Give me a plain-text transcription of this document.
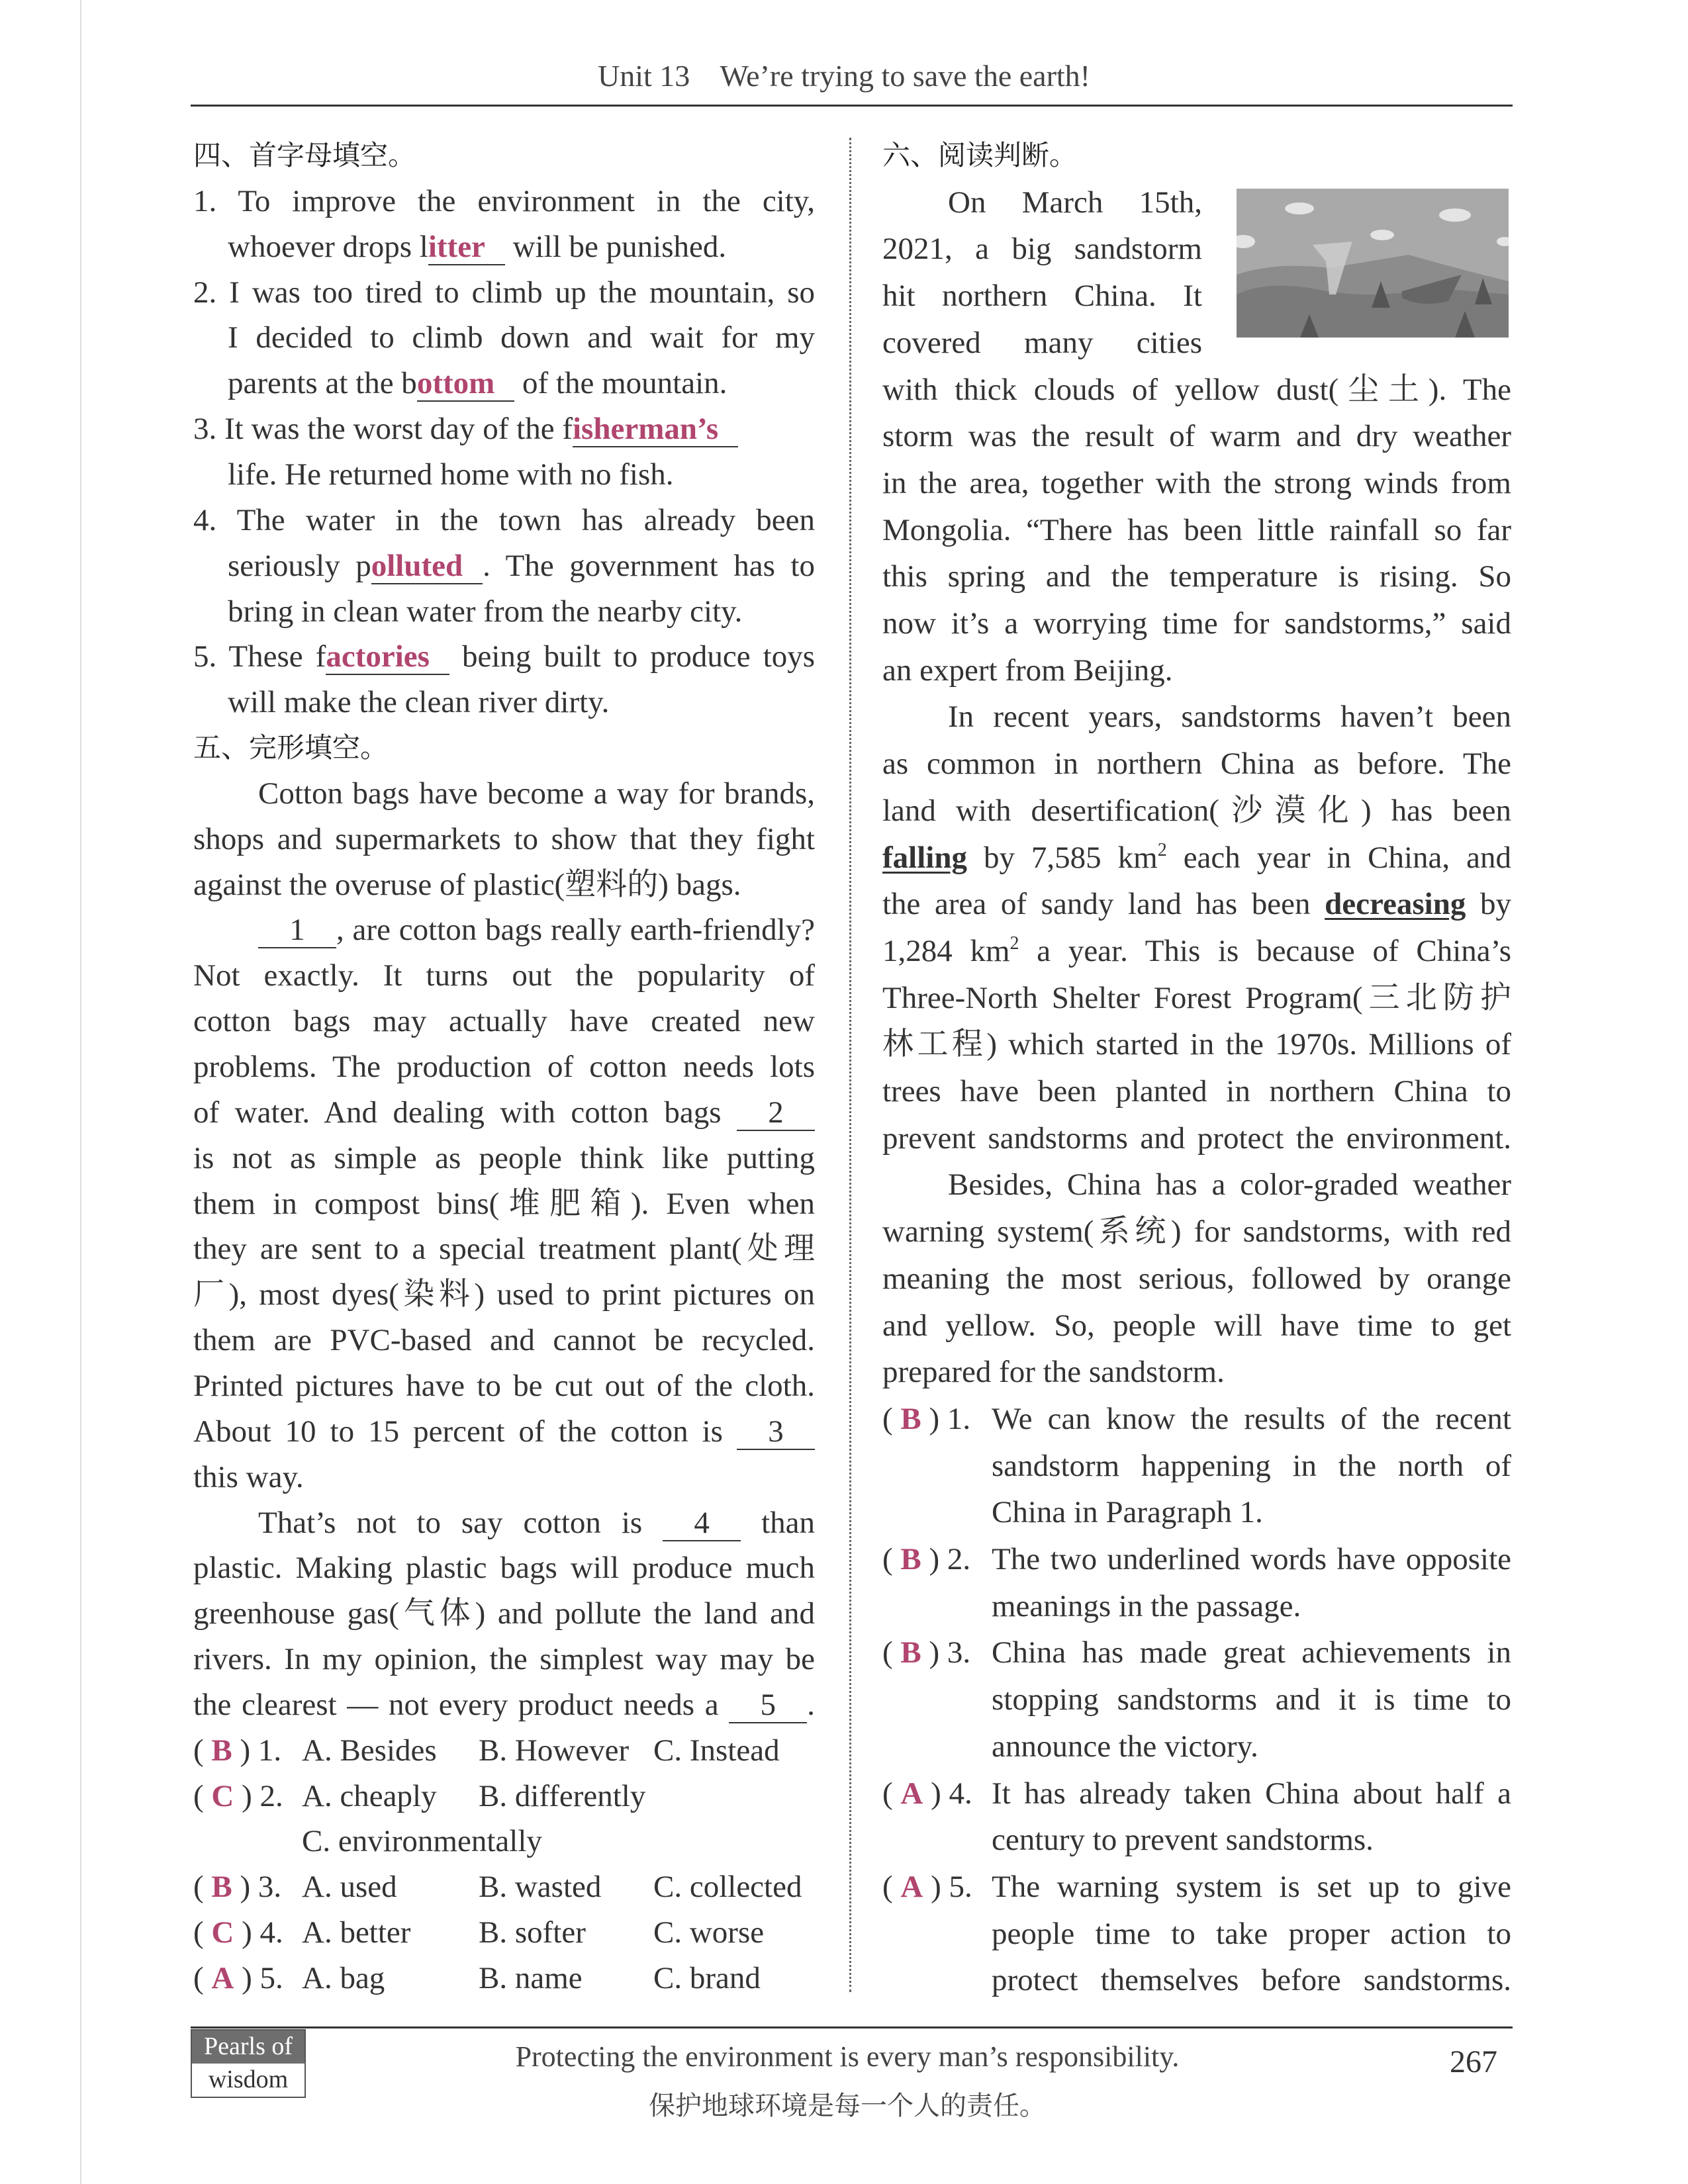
Unit 13    We’re trying to save the earth!
四、首字母填空。
1. To improve the environment in the city,
whoever drops litter will be punished.
2. I was too tired to climb up the mountain, so
I decided to climb down and wait for my
parents at the bottom of the mountain.
3. It was the worst day of the fisherman’s
life. He returned home with no fish.
4. The water in the town has already been
seriously polluted . The government has to
bring in clean water from the nearby city.
5. These factories being built to produce toys
will make the clean river dirty.
五、完形填空。
Cotton bags have become a way for brands,
shops and supermarkets to show that they fight
against the overuse of plastic(塑料的) bags.
1 , are cotton bags really earth-friendly?
Not exactly. It turns out the popularity of
cotton bags may actually have created new
problems. The production of cotton needs lots
of water. And dealing with cotton bags 2
is not as simple as people think like putting
them in compost bins(堆肥箱). Even when
they are sent to a special treatment plant(处理
厂), most dyes(染料) used to print pictures on
them are PVC-based and cannot be recycled.
Printed pictures have to be cut out of the cloth.
About 10 to 15 percent of the cotton is 3
this way.
That’s not to say cotton is 4 than
plastic. Making plastic bags will produce much
greenhouse gas(气体) and pollute the land and
rivers. In my opinion, the simplest way may be
the clearest — not every product needs a 5 .
( B ) 1. A. Besides B. However C. Instead
( C ) 2. A. cheaply B. differently
C. environmentally
( B ) 3. A. used	B. wasted C. collected
( C ) 4. A. better B. softer C. worse
( A ) 5. A. bag	B. name C. brand
六、阅读判断。
On March 15th,
2021, a big sandstorm
hit northern China. It
covered many cities
with thick clouds of yellow dust(尘土). The
storm was the result of warm and dry weather
in the area, together with the strong winds from
Mongolia. “There has been little rainfall so far
this spring and the temperature is rising. So
now it’s a worrying time for sandstorms,” said
an expert from Beijing.
In recent years, sandstorms haven’t been
as common in northern China as before. The
land with desertification(沙漠化) has been
falling by 7,585 $km^2$ each year in China, and
the area of sandy land has been decreasing by
1,284 $km^2$ a year. This is because of China’s
Three-North Shelter Forest Program(三北防护
林工程) which started in the 1970s. Millions of
trees have been planted in northern China to
prevent sandstorms and protect the environment.
Besides, China has a color-graded weather
warning system(系统) for sandstorms, with red
meaning the most serious, followed by orange
and yellow. So, people will have time to get
prepared for the sandstorm.
( B ) 1. We can know the results of the recent
sandstorm happening in the north of
China in Paragraph 1.
( B ) 2. The two underlined words have opposite
meanings in the passage.
( B ) 3. China has made great achievements in
stopping sandstorms and it is time to
announce the victory.
( A ) 4. It has already taken China about half a
century to prevent sandstorms.
( A ) 5. The warning system is set up to give
people time to take proper action to
protect themselves before sandstorms.
Pearls of
wisdom
Protecting the environment is every man’s responsibility.
保护地球环境是每一个人的责任。
267
